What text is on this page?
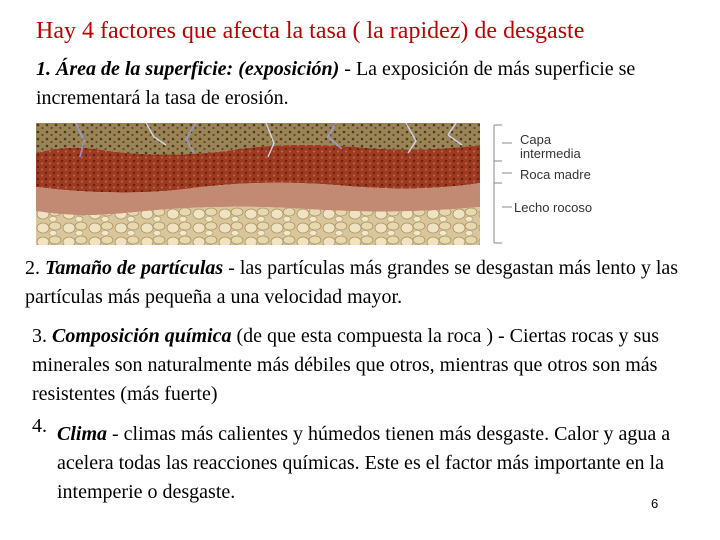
Hay 4 factores que afecta la tasa ( la rapidez) de desgaste
1. Área de la superficie: (exposición) - La exposición de más superficie se incrementará la tasa de erosión.
Capa
intermedia
Roca madre
Lecho rocoso
2. Tamaño de partículas - las partículas más grandes se desgastan más lento y las partículas más pequeña a una velocidad mayor.
3. Composición química (de que esta compuesta la roca ) - Ciertas rocas y sus minerales son naturalmente más débiles que otros, mientras que otros son más resistentes (más fuerte)
4. Clima - climas más calientes y húmedos tienen más desgaste. Calor y agua a acelera todas las reacciones químicas. Este es el factor más importante en la intemperie o desgaste.
6
